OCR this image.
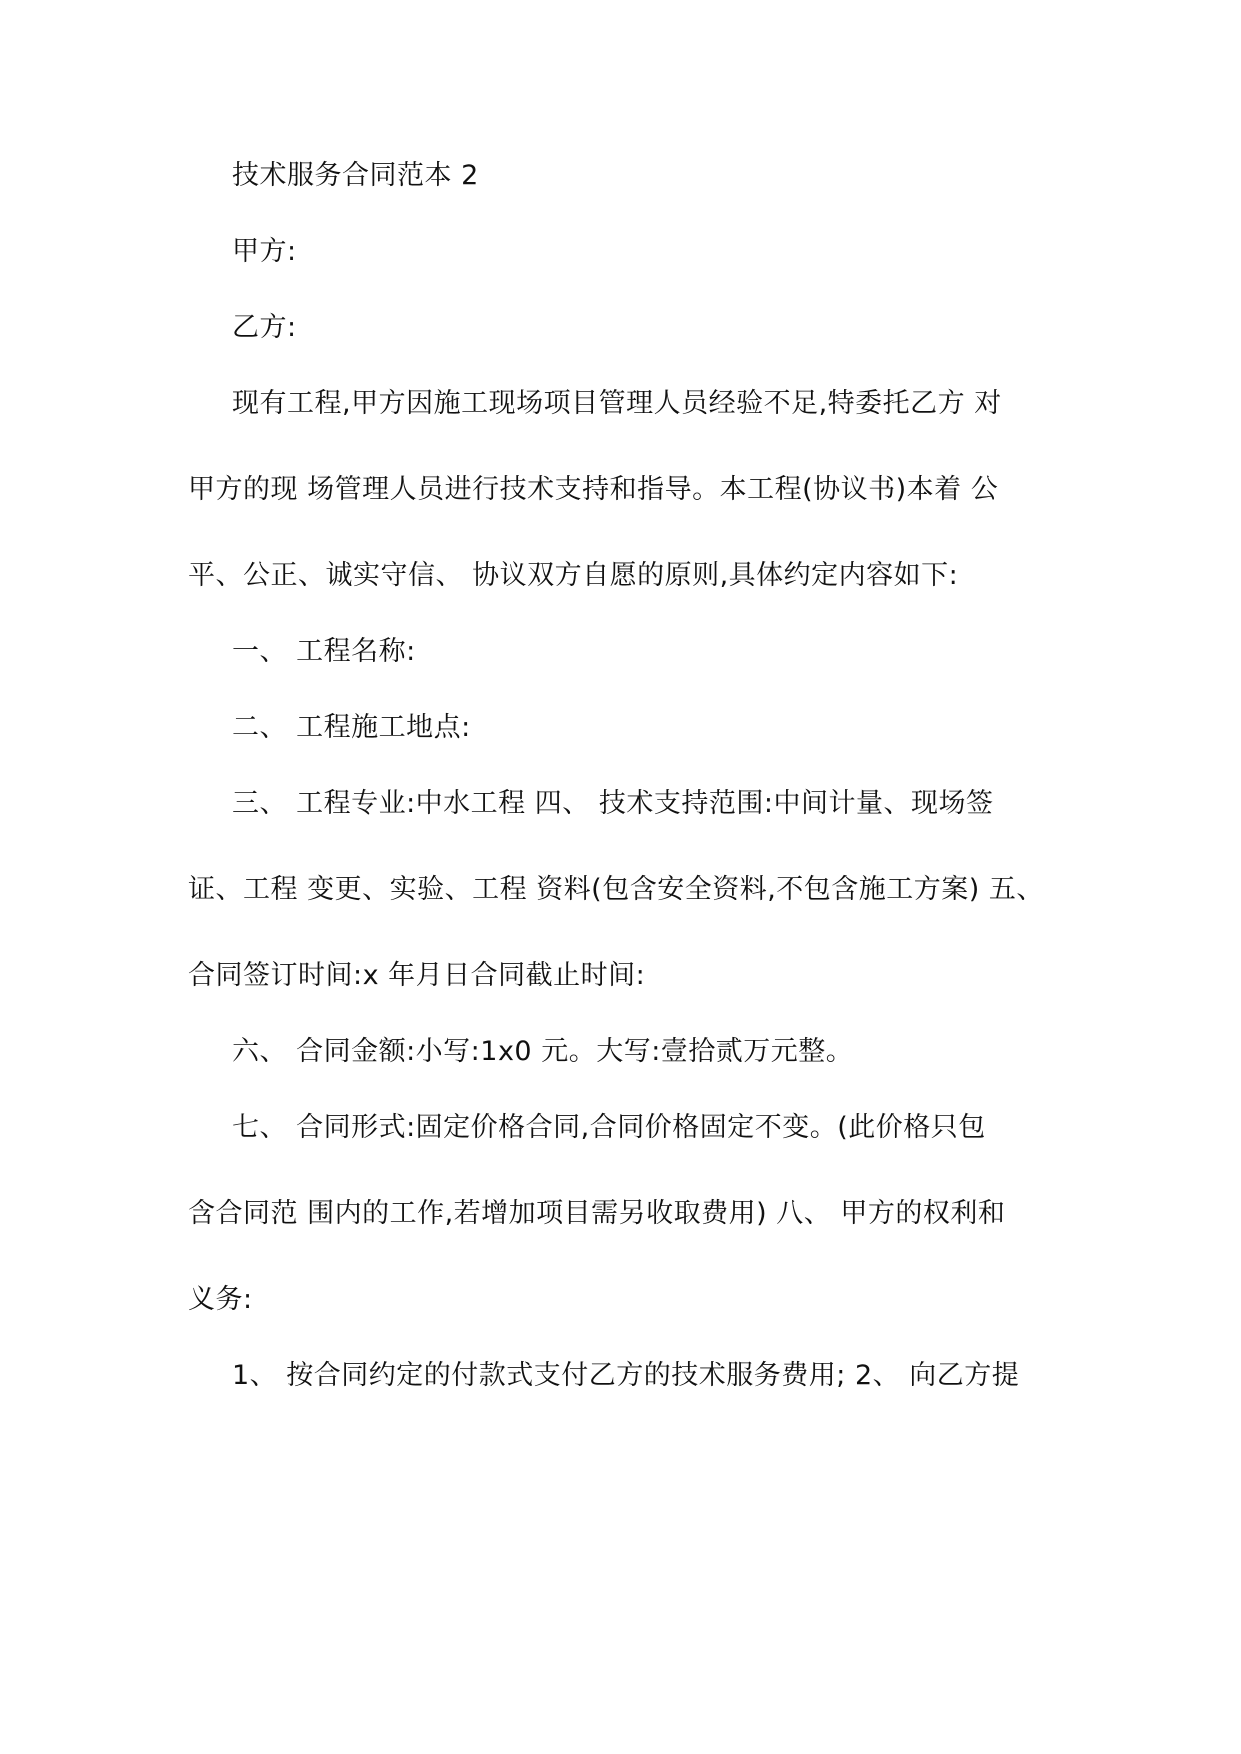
技术服务合同范本 2
甲方:
乙方:
现有工程,甲方因施工现场项目管理人员经验不足,特委托乙方 对
甲方的现 场管理人员进行技术支持和指导。本工程(协议书)本着 公
平、公正、诚实守信、 协议双方自愿的原则,具体约定内容如下:
一、 工程名称:
二、 工程施工地点:
三、 工程专业:中水工程 四、 技术支持范围:中间计量、现场签
证、工程 变更、实验、工程 资料(包含安全资料,不包含施工方案) 五、
合同签订时间:x 年月日合同截止时间:
六、 合同金额:小写:1x0 元。大写:壹拾贰万元整。
七、 合同形式:固定价格合同,合同价格固定不变。(此价格只包
含合同范 围内的工作,若增加项目需另收取费用) 八、 甲方的权利和
义务:
1、 按合同约定的付款式支付乙方的技术服务费用; 2、 向乙方提
